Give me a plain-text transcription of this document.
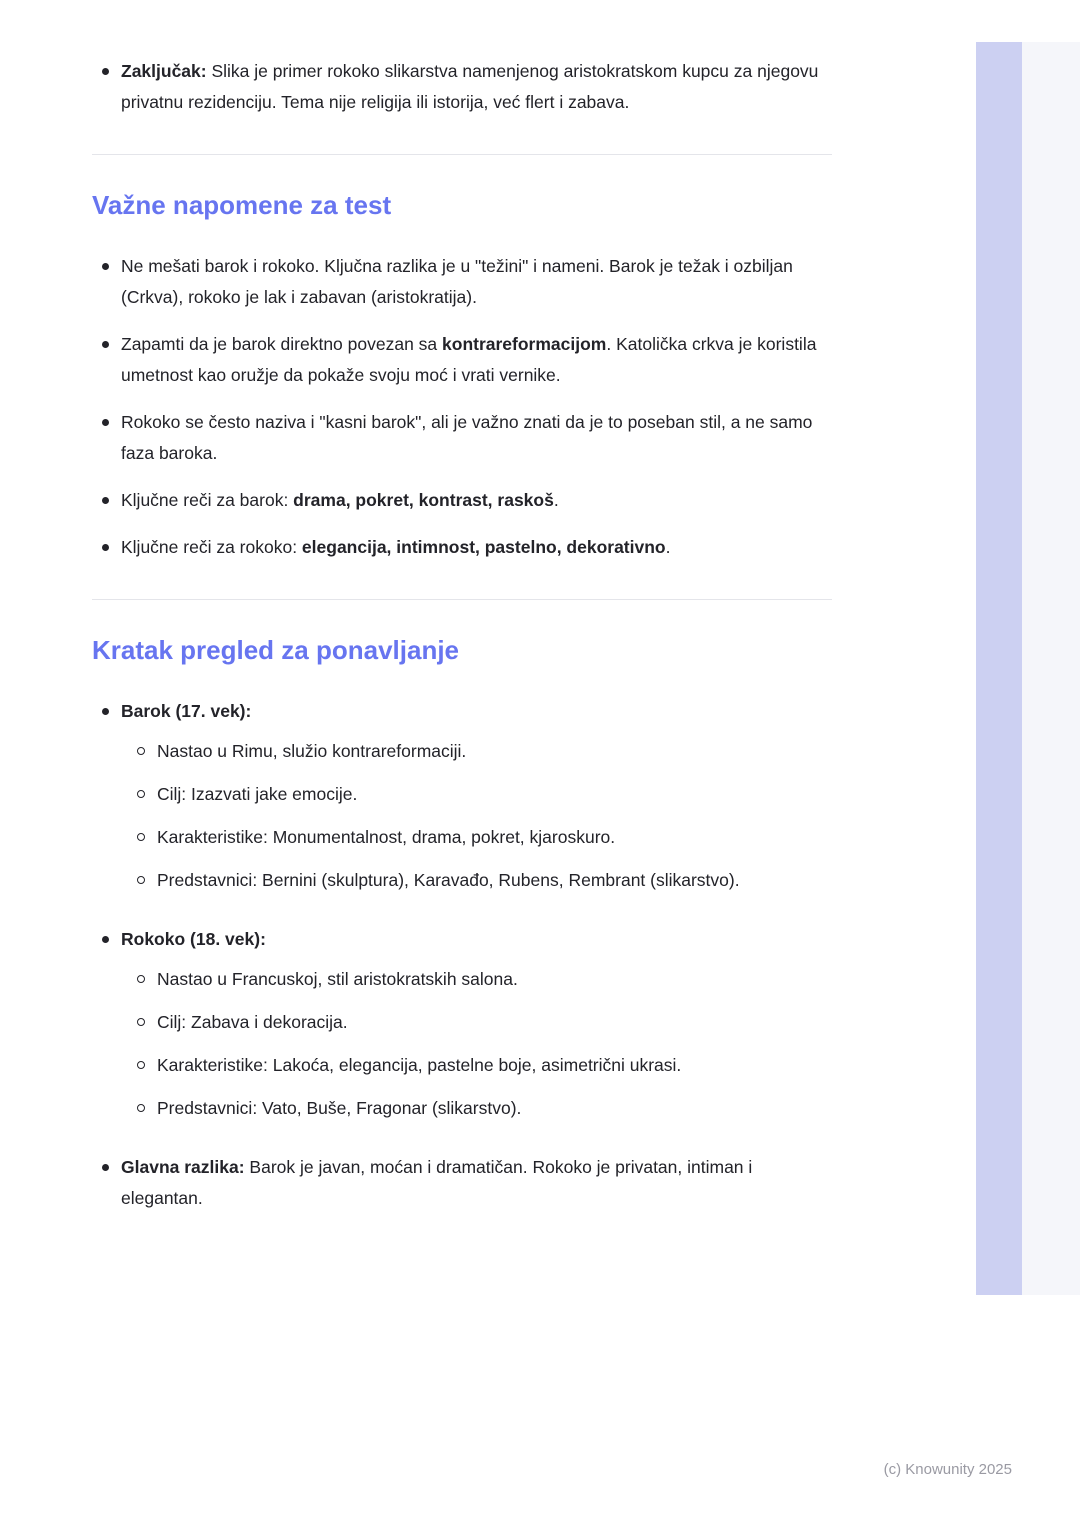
Zaključak: Slika je primer rokoko slikarstva namenjenog aristokratskom kupcu za njegovu privatnu rezidenciju. Tema nije religija ili istorija, već flert i zabava.
Važne napomene za test
Ne mešati barok i rokoko. Ključna razlika je u "težini" i nameni. Barok je težak i ozbiljan (Crkva), rokoko je lak i zabavan (aristokratija).
Zapamti da je barok direktno povezan sa kontrareformacijom. Katolička crkva je koristila umetnost kao oružje da pokaže svoju moć i vrati vernike.
Rokoko se često naziva i "kasni barok", ali je važno znati da je to poseban stil, a ne samo faza baroka.
Ključne reči za barok: drama, pokret, kontrast, raskoš.
Ključne reči za rokoko: elegancija, intimnost, pastelno, dekorativno.
Kratak pregled za ponavljanje
Barok (17. vek):
Nastao u Rimu, služio kontrareformaciji.
Cilj: Izazvati jake emocije.
Karakteristike: Monumentalnost, drama, pokret, kjaroskuro.
Predstavnici: Bernini (skulptura), Karavađo, Rubens, Rembrant (slikarstvo).
Rokoko (18. vek):
Nastao u Francuskoj, stil aristokratskih salona.
Cilj: Zabava i dekoracija.
Karakteristike: Lakoća, elegancija, pastelne boje, asimetrični ukrasi.
Predstavnici: Vato, Buše, Fragonar (slikarstvo).
Glavna razlika: Barok je javan, moćan i dramatičan. Rokoko je privatan, intiman i elegantan.
(c) Knowunity 2025
